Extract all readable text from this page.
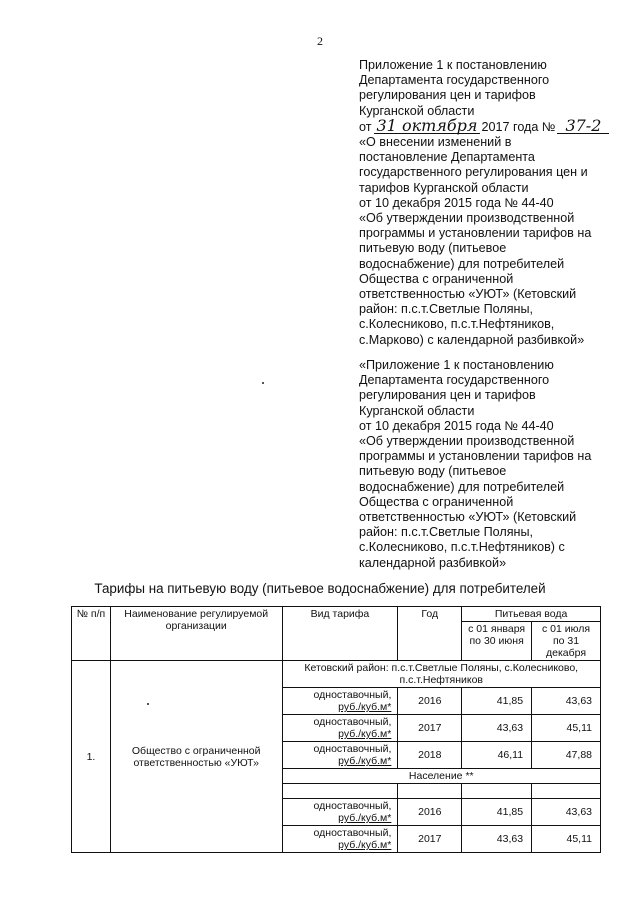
2
Приложение 1 к постановлению
Департамента государственного
регулирования цен и тарифов
Курганской области
от 31 октября 2017 года № 37-2
«О внесении изменений в
постановление Департамента
государственного регулирования цен и
тарифов Курганской области
от 10 декабря 2015 года № 44-40
«Об утверждении производственной
программы и установлении тарифов на
питьевую воду (питьевое
водоснабжение) для потребителей
Общества с ограниченной
ответственностью «УЮТ» (Кетовский
район: п.с.т.Светлые Поляны,
с.Колесниково, п.с.т.Нефтяников,
с.Марково) с календарной разбивкой»
«Приложение 1 к постановлению
Департамента государственного
регулирования цен и тарифов
Курганской области
от 10 декабря 2015 года № 44-40
«Об утверждении производственной
программы и установлении тарифов на
питьевую воду (питьевое
водоснабжение) для потребителей
Общества с ограниченной
ответственностью «УЮТ» (Кетовский
район: п.с.т.Светлые Поляны,
с.Колесниково, п.с.т.Нефтяников) с
календарной разбивкой»
Тарифы на питьевую воду (питьевое водоснабжение) для потребителей
№ п/п	Наименование регулируемой организации	Вид тарифа	Год	Питьевая вода	
				с 01 января по 30 июня	с 01 июля по 31 декабря
1.	Общество с ограниченной ответственностью «УЮТ»	Кетовский район: п.с.т.Светлые Поляны, с.Колесниково, п.с.т.Нефтяников			
		одноставочный,
руб./куб.м*	2016	41,85	43,63
		одноставочный,
руб./куб.м*	2017	43,63	45,11
		одноставочный,
руб./куб.м*	2018	46,11	47,88
		Население **			

		одноставочный,
руб./куб.м*	2016	41,85	43,63
		одноставочный,
руб./куб.м*	2017	43,63	45,11
